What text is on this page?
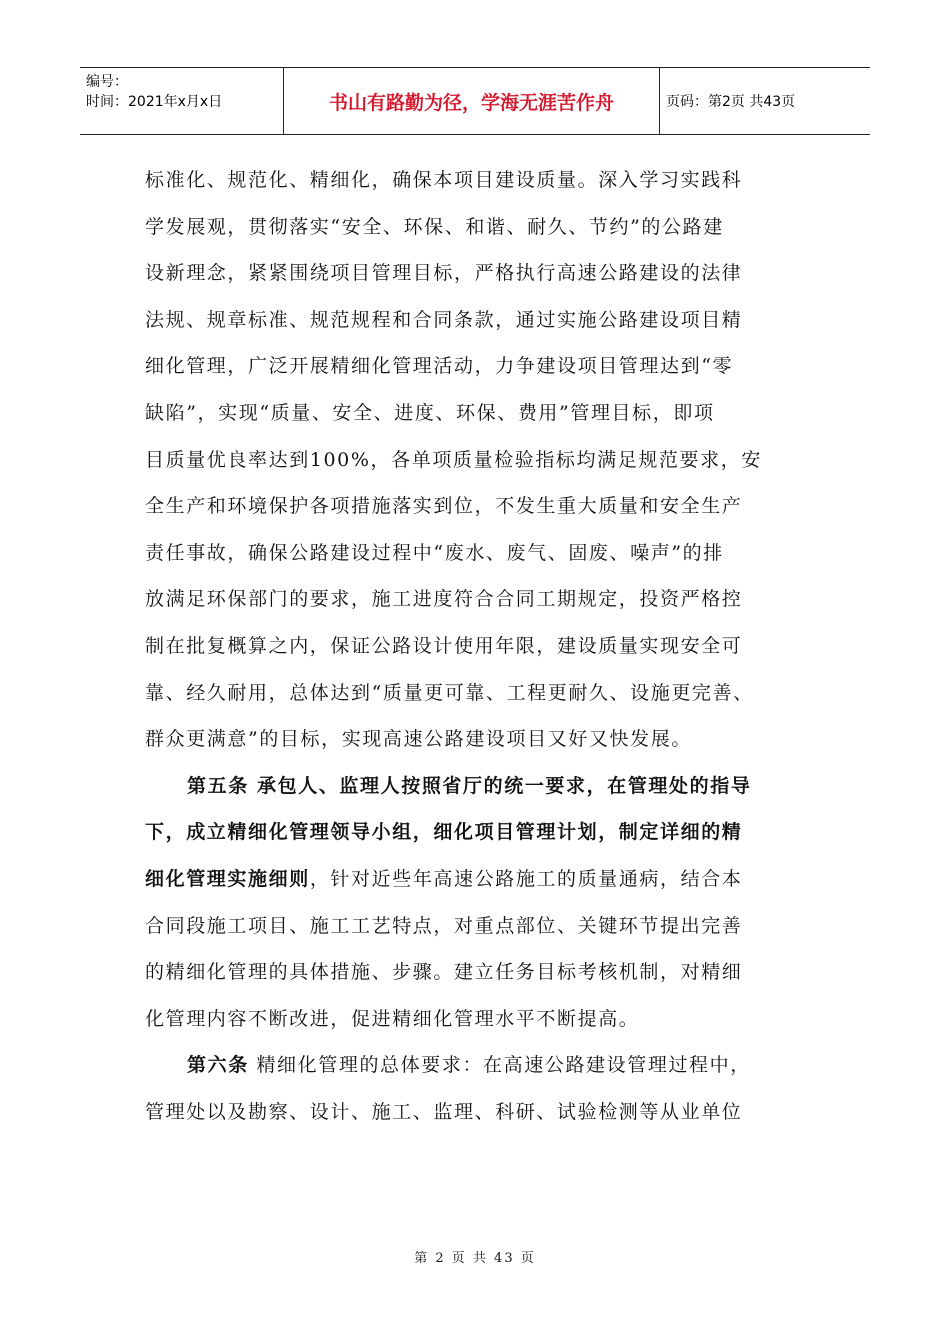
编号：
时间：2021年x月x日	书山有路勤为径，学海无涯苦作舟	页码：第2页 共43页
标准化、规范化、精细化，确保本项目建设质量。深入学习实践科
学发展观，贯彻落实“安全、环保、和谐、耐久、节约”的公路建
设新理念，紧紧围绕项目管理目标，严格执行高速公路建设的法律
法规、规章标准、规范规程和合同条款，通过实施公路建设项目精
细化管理，广泛开展精细化管理活动，力争建设项目管理达到“零
缺陷”，实现“质量、安全、进度、环保、费用”管理目标，即项
目质量优良率达到100%，各单项质量检验指标均满足规范要求，安
全生产和环境保护各项措施落实到位，不发生重大质量和安全生产
责任事故，确保公路建设过程中“废水、废气、固废、噪声”的排
放满足环保部门的要求，施工进度符合合同工期规定，投资严格控
制在批复概算之内，保证公路设计使用年限，建设质量实现安全可
靠、经久耐用，总体达到“质量更可靠、工程更耐久、设施更完善、
群众更满意”的目标，实现高速公路建设项目又好又快发展。
第五条 承包人、监理人按照省厅的统一要求，在管理处的指导
下，成立精细化管理领导小组，细化项目管理计划，制定详细的精
细化管理实施细则，针对近些年高速公路施工的质量通病，结合本
合同段施工项目、施工工艺特点，对重点部位、关键环节提出完善
的精细化管理的具体措施、步骤。建立任务目标考核机制，对精细
化管理内容不断改进，促进精细化管理水平不断提高。
第六条 精细化管理的总体要求：在高速公路建设管理过程中，
管理处以及勘察、设计、施工、监理、科研、试验检测等从业单位
第 2 页 共 43 页
